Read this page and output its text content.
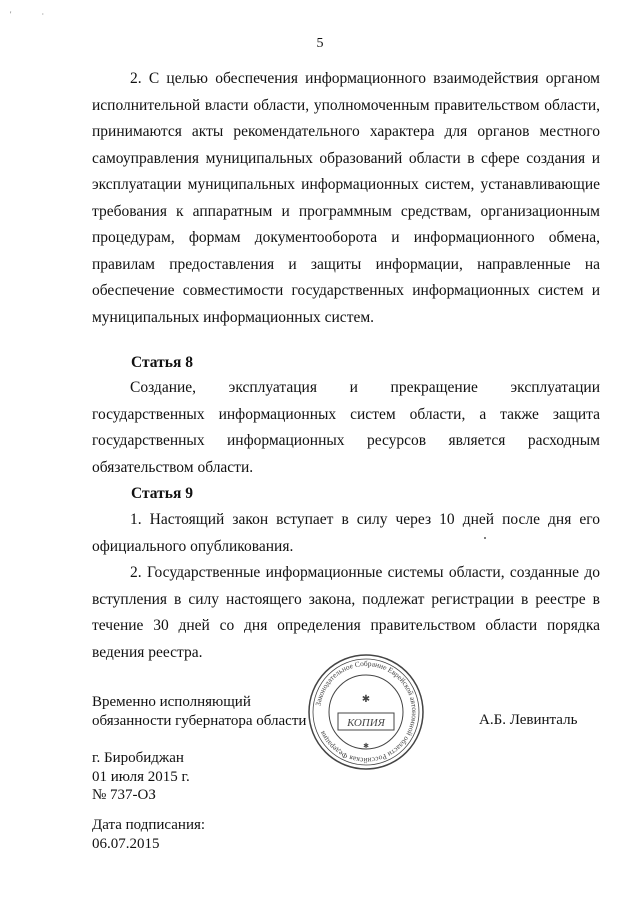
' ·
5

2. С целью обеспечения информационного взаимодействия органом исполнительной власти области, уполномоченным правительством области, принимаются акты рекомендательного характера для органов местного самоуправления муниципальных образований области в сфере создания и эксплуатации муниципальных информационных систем, устанавливающие требования к аппаратным и программным средствам, организационным процедурам, формам документооборота и информационного обмена, правилам предоставления и защиты информации, направленные на обеспечение совместимости государственных информационных систем и муниципальных информационных систем.

Статья 8

Создание, эксплуатация и прекращение эксплуатации государственных информационных систем области, а также защита государственных информационных ресурсов является расходным обязательством области.

Статья 9

1. Настоящий закон вступает в силу через 10 дней после дня его официального опубликования.

2. Государственные информационные системы области, созданные до вступления в силу настоящего закона, подлежат регистрации в реестре в течение 30 дней со дня определения правительством области порядка ведения реестра.

Временно исполняющий
обязанности губернатора области
Законодательное Собрание Еврейской автономной области Российская Федерация
КОПИЯ
✱
✱
А.Б. Левинталь
г. Биробиджан
01 июля 2015 г.
№ 737-ОЗ
Дата подписания:
06.07.2015
